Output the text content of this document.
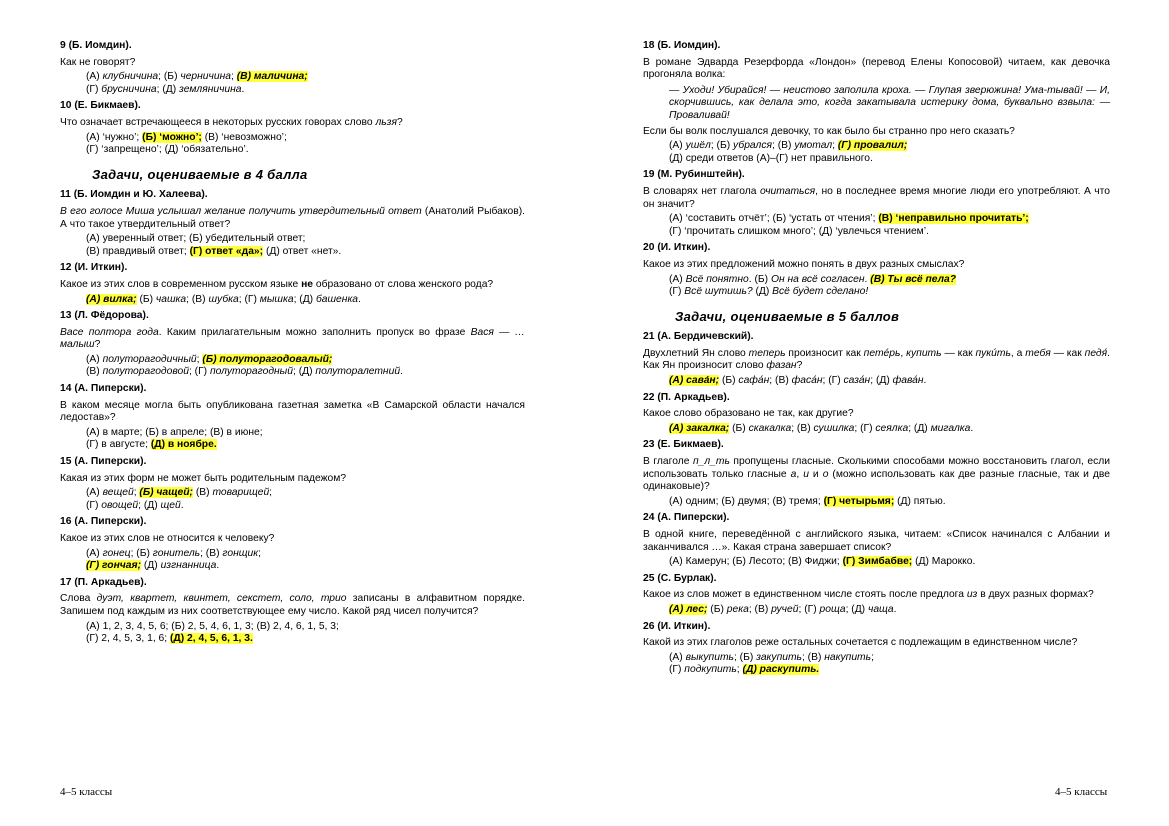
9 (Б. Иомдин).

Как не говорят?

(А) клубничина; (Б) черничина; (В) маличина;

(Г) брусничина; (Д) земляничина.

10 (Е. Бикмаев).

Что означает встречающееся в некоторых русских говорах слово льзя?

(А) ‘нужно’; (Б) ‘можно’; (В) ‘невозможно’;

(Г) ‘запрещено’; (Д) ‘обязательно’.

Задачи, оцениваемые в 4 балла
11 (Б. Иомдин и Ю. Халеева).

В его голосе Миша услышал желание получить утвердительный ответ (Анатолий Рыбаков). А что такое утвердительный ответ?

(А) уверенный ответ; (Б) убедительный ответ;

(В) правдивый ответ; (Г) ответ «да»; (Д) ответ «нет».

12 (И. Иткин).

Какое из этих слов в современном русском языке не образовано от слова женского рода?

(А) вилка; (Б) чашка; (В) шубка; (Г) мышка; (Д) башенка.

13 (Л. Фёдорова).

Васе полтора года. Каким прилагательным можно заполнить пропуск во фразе Вася — … малыш?

(А) полуторагодичный; (Б) полуторагодовалый;

(В) полуторагодовой; (Г) полуторагодный; (Д) полуторалетний.

14 (А. Пиперски).

В каком месяце могла быть опубликована газетная заметка «В Самарской области начался ледостав»?

(А) в марте; (Б) в апреле; (В) в июне;

(Г) в августе; (Д) в ноябре.

15 (А. Пиперски).

Какая из этих форм не может быть родительным падежом?

(А) вещей; (Б) чащей; (В) товарищей;

(Г) овощей; (Д) щей.

16 (А. Пиперски).

Какое из этих слов не относится к человеку?

(А) гонец; (Б) гонитель; (В) гонщик;

(Г) гончая; (Д) изгнанница.

17 (П. Аркадьев).

Слова дуэт, квартет, квинтет, секстет, соло, трио записаны в алфавитном порядке. Запишем под каждым из них соответствующее ему число. Какой ряд чисел получится?

(А) 1, 2, 3, 4, 5, 6; (Б) 2, 5, 4, 6, 1, 3; (В) 2, 4, 6, 1, 5, 3;

(Г) 2, 4, 5, 3, 1, 6; (Д) 2, 4, 5, 6, 1, 3.

4–5 классы
18 (Б. Иомдин).

В романе Эдварда Резерфорда «Лондон» (перевод Елены Копосовой) читаем, как девочка прогоняла волка:

— Уходи! Убирайся! — неистово заполила кроха. — Глупая зверюжина! Ума-тывай! — И, скорчившись, как делала это, когда закатывала истерику дома, буквально взвыла: — Проваливай!

Если бы волк послушался девочку, то как было бы странно про него сказать?

(А) ушёл; (Б) убрался; (В) умотал; (Г) провалил;

(Д) среди ответов (А)–(Г) нет правильного.

19 (М. Рубинштейн).

В словарях нет глагола очитаться, но в последнее время многие люди его употребляют. А что он значит?

(А) ‘составить отчёт’; (Б) ‘устать от чтения’; (В) ‘неправильно прочитать’;

(Г) ‘прочитать слишком много’; (Д) ‘увлечься чтением’.

20 (И. Иткин).

Какое из этих предложений можно понять в двух разных смыслах?

(А) Всё понятно. (Б) Он на всё согласен. (В) Ты всё пела?

(Г) Всё шутишь? (Д) Всё будет сделано!

Задачи, оцениваемые в 5 баллов
21 (А. Бердичевский).

Двухлетний Ян слово теперь произносит как петéрь, купить — как пукúть, а тебя — как педя́. Как Ян произносит слово фазан?

(А) сава́н; (Б) сафа́н; (В) фаса́н; (Г) саза́н; (Д) фава́н.

22 (П. Аркадьев).

Какое слово образовано не так, как другие?

(А) закалка; (Б) скакалка; (В) сушилка; (Г) сеялка; (Д) мигалка.

23 (Е. Бикмаев).

В глаголе п_л_ть пропущены гласные. Сколькими способами можно восстановить глагол, если использовать только гласные а, и и о (можно использовать как две разные гласные, так и две одинаковые)?

(А) одним; (Б) двумя; (В) тремя; (Г) четырьмя; (Д) пятью.

24 (А. Пиперски).

В одной книге, переведённой с английского языка, читаем: «Список начинался с Албании и заканчивался …». Какая страна завершает список?

(А) Камерун; (Б) Лесото; (В) Фиджи; (Г) Зимбабве; (Д) Марокко.

25 (С. Бурлак).

Какое из слов может в единственном числе стоять после предлога из в двух разных формах?

(А) лес; (Б) река; (В) ручей; (Г) роща; (Д) чаща.

26 (И. Иткин).

Какой из этих глаголов реже остальных сочетается с подлежащим в единственном числе?

(А) выкупить; (Б) закупить; (В) накупить;

(Г) подкупить; (Д) раскупить.

4–5 классы
